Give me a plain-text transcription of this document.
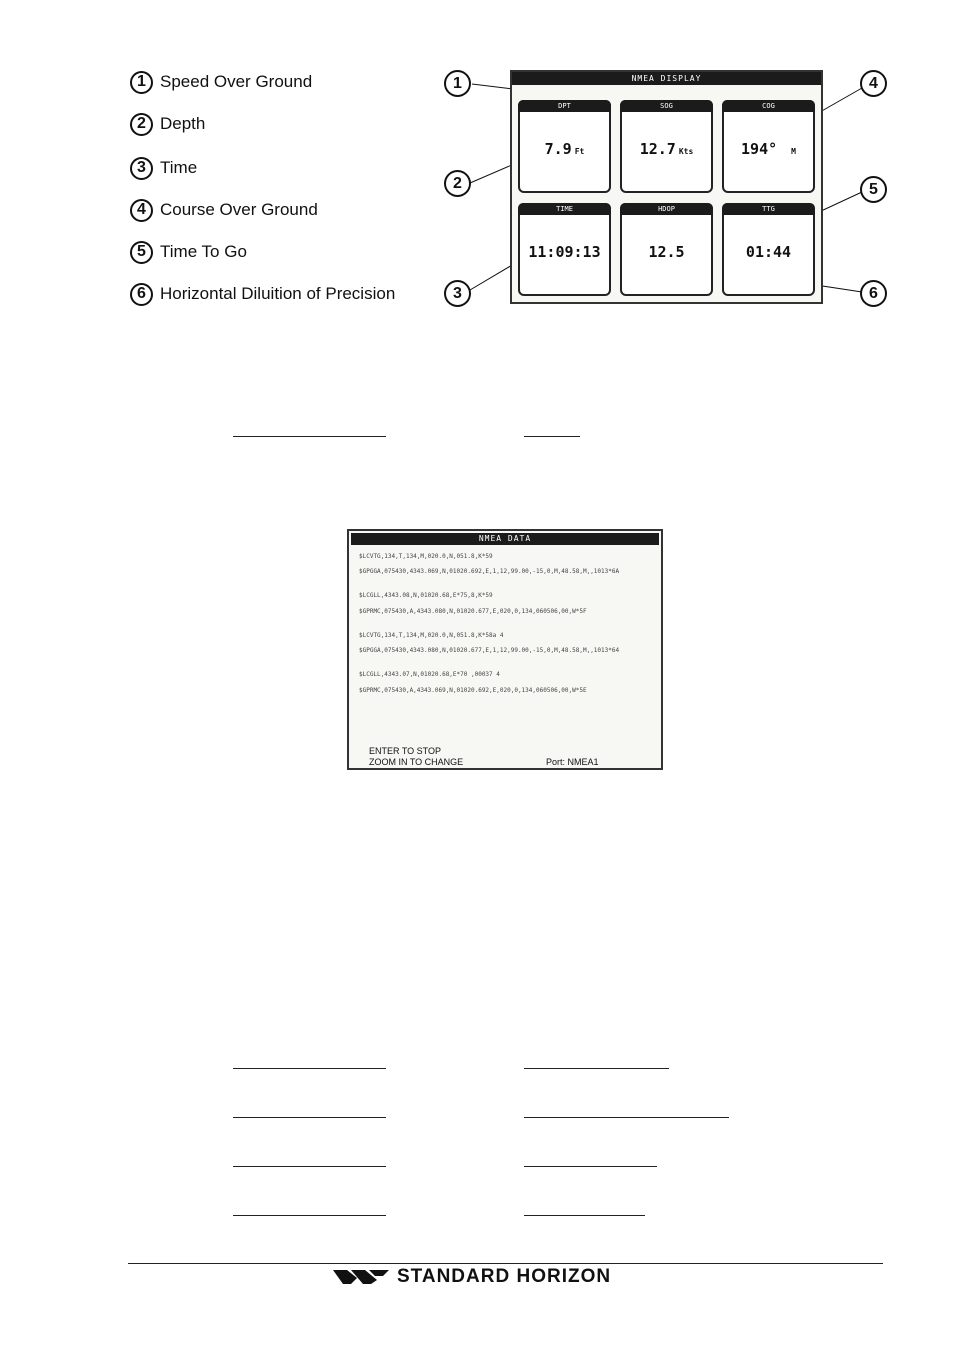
1 Speed Over Ground
2 Depth
3 Time
4 Course Over Ground
5 Time To Go
6 Horizontal Diluition of Precision
1
2
3
4
5
6
NMEA DISPLAY
DPT
7.9 Ft
SOG
12.7 Kts
COG
194° M
TIME
11:09:13
HDOP
12.5
TTG
01:44
NMEA DATA
$LCVTG,134,T,134,M,020.0,N,051.8,K*59
$GPGGA,075430,4343.069,N,01020.692,E,1,12,99.00,-15,0,M,48.58,M,,1013*6A
$LCGLL,4343.08,N,01020.68,E*75,8,K*59
$GPRMC,075430,A,4343.080,N,01020.677,E,020,0,134,060506,00,W*5F
$LCVTG,134,T,134,M,020.0,N,051.8,K*58a 4
$GPGGA,075430,4343.080,N,01020.677,E,1,12,99.00,-15,0,M,48.58,M,,1013*64
$LCGLL,4343.07,N,01020.68,E*70 ,00037 4
$GPRMC,075430,A,4343.069,N,01020.692,E,020,0,134,060506,00,W*5E
ENTER TO STOP
ZOOM IN TO CHANGE	Port: NMEA1
STANDARD HORIZON
